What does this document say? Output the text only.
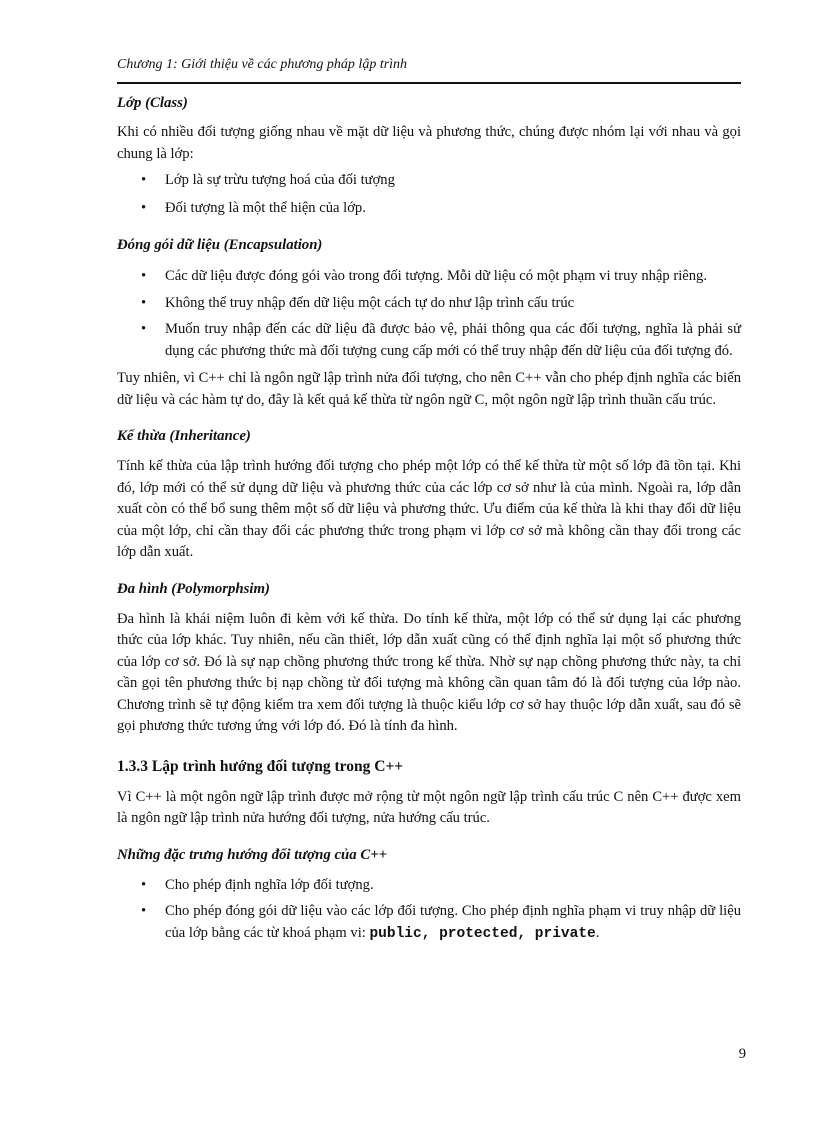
Chương 1: Giới thiệu về các phương pháp lập trình
Lớp (Class)

Khi có nhiều đối tượng giống nhau về mặt dữ liệu và phương thức, chúng được nhóm lại với nhau và gọi chung là lớp:

• Lớp là sự trừu tượng hoá của đối tượng
• Đối tượng là một thể hiện của lớp.
Đóng gói dữ liệu (Encapsulation)
• Các dữ liệu được đóng gói vào trong đối tượng. Mỗi dữ liệu có một phạm vi truy nhập riêng.
• Không thể truy nhập đến dữ liệu một cách tự do như lập trình cấu trúc
• Muốn truy nhập đến các dữ liệu đã được bảo vệ, phải thông qua các đối tượng, nghĩa là phải sử dụng các phương thức mà đối tượng cung cấp mới có thể truy nhập đến dữ liệu của đối tượng đó.

Tuy nhiên, vì C++ chỉ là ngôn ngữ lập trình nửa đối tượng, cho nên C++ vẫn cho phép định nghĩa các biến dữ liệu và các hàm tự do, đây là kết quả kế thừa từ ngôn ngữ C, một ngôn ngữ lập trình thuần cấu trúc.

Kế thừa (Inheritance)

Tính kế thừa của lập trình hướng đối tượng cho phép một lớp có thể kế thừa từ một số lớp đã tồn tại. Khi đó, lớp mới có thể sử dụng dữ liệu và phương thức của các lớp cơ sở như là của mình. Ngoài ra, lớp dẫn xuất còn có thể bổ sung thêm một số dữ liệu và phương thức. Ưu điểm của kế thừa là khi thay đổi dữ liệu của một lớp, chỉ cần thay đổi các phương thức trong phạm vi lớp cơ sở mà không cần thay đổi trong các lớp dẫn xuất.

Đa hình (Polymorphsim)

Đa hình là khái niệm luôn đi kèm với kế thừa. Do tính kế thừa, một lớp có thể sử dụng lại các phương thức của lớp khác. Tuy nhiên, nếu cần thiết, lớp dẫn xuất cũng có thể định nghĩa lại một số phương thức của lớp cơ sở. Đó là sự nạp chồng phương thức trong kế thừa. Nhờ sự nạp chồng phương thức này, ta chỉ cần gọi tên phương thức bị nạp chồng từ đối tượng mà không cần quan tâm đó là đối tượng của lớp nào. Chương trình sẽ tự động kiểm tra xem đối tượng là thuộc kiểu lớp cơ sở hay thuộc lớp dẫn xuất, sau đó sẽ gọi phương thức tương ứng với lớp đó. Đó là tính đa hình.

1.3.3 Lập trình hướng đối tượng trong C++

Vì C++ là một ngôn ngữ lập trình được mở rộng từ một ngôn ngữ lập trình cấu trúc C nên C++ được xem là ngôn ngữ lập trình nửa hướng đối tượng, nửa hướng cấu trúc.

Những đặc trưng hướng đối tượng của C++
• Cho phép định nghĩa lớp đối tượng.
• Cho phép đóng gói dữ liệu vào các lớp đối tượng. Cho phép định nghĩa phạm vi truy nhập dữ liệu của lớp bằng các từ khoá phạm vi: public, protected, private.
9
